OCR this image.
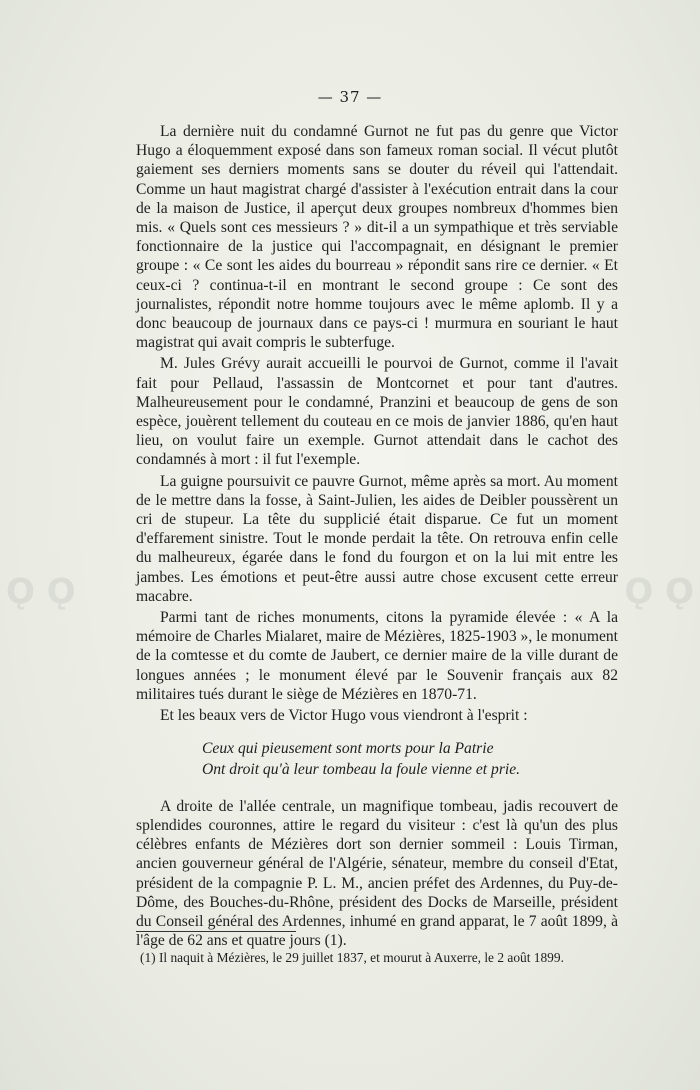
— 37 —

La dernière nuit du condamné Gurnot ne fut pas du genre que Victor Hugo a éloquemment exposé dans son fameux roman social. Il vécut plutôt gaiement ses derniers moments sans se douter du réveil qui l'attendait. Comme un haut magistrat chargé d'assister à l'exécution entrait dans la cour de la maison de Justice, il aperçut deux groupes nombreux d'hommes bien mis. « Quels sont ces messieurs ? » dit-il a un sympathique et très serviable fonctionnaire de la justice qui l'accompagnait, en désignant le premier groupe : « Ce sont les aides du bourreau » répondit sans rire ce dernier. « Et ceux-ci ? continua-t-il en montrant le second groupe : Ce sont des journalistes, répondit notre homme toujours avec le même aplomb. Il y a donc beaucoup de journaux dans ce pays-ci ! murmura en souriant le haut magistrat qui avait compris le subterfuge.

M. Jules Grévy aurait accueilli le pourvoi de Gurnot, comme il l'avait fait pour Pellaud, l'assassin de Montcornet et pour tant d'autres. Malheureusement pour le condamné, Pranzini et beaucoup de gens de son espèce, jouèrent tellement du couteau en ce mois de janvier 1886, qu'en haut lieu, on voulut faire un exemple. Gurnot attendait dans le cachot des condamnés à mort : il fut l'exemple.

La guigne poursuivit ce pauvre Gurnot, même après sa mort. Au moment de le mettre dans la fosse, à Saint-Julien, les aides de Deibler poussèrent un cri de stupeur. La tête du supplicié était disparue. Ce fut un moment d'effarement sinistre. Tout le monde perdait la tête. On retrouva enfin celle du malheureux, égarée dans le fond du fourgon et on la lui mit entre les jambes. Les émotions et peut-être aussi autre chose excusent cette erreur macabre.

Parmi tant de riches monuments, citons la pyramide élevée : « A la mémoire de Charles Mialaret, maire de Mézières, 1825-1903 », le monument de la comtesse et du comte de Jaubert, ce dernier maire de la ville durant de longues années ; le monument élevé par le Souvenir français aux 82 militaires tués durant le siège de Mézières en 1870-71.

Et les beaux vers de Victor Hugo vous viendront à l'esprit :

Ceux qui pieusement sont morts pour la Patrie
Ont droit qu'à leur tombeau la foule vienne et prie.

A droite de l'allée centrale, un magnifique tombeau, jadis recouvert de splendides couronnes, attire le regard du visiteur : c'est là qu'un des plus célèbres enfants de Mézières dort son dernier sommeil : Louis Tirman, ancien gouverneur général de l'Algérie, sénateur, membre du conseil d'Etat, président de la compagnie P. L. M., ancien préfet des Ardennes, du Puy-de-Dôme, des Bouches-du-Rhône, président des Docks de Marseille, président du Conseil général des Ardennes, inhumé en grand apparat, le 7 août 1899, à l'âge de 62 ans et quatre jours (1).

(1) Il naquit à Mézières, le 29 juillet 1837, et mourut à Auxerre, le 2 août 1899.
Ǫ Ǫ	Ǫ Ǫ
